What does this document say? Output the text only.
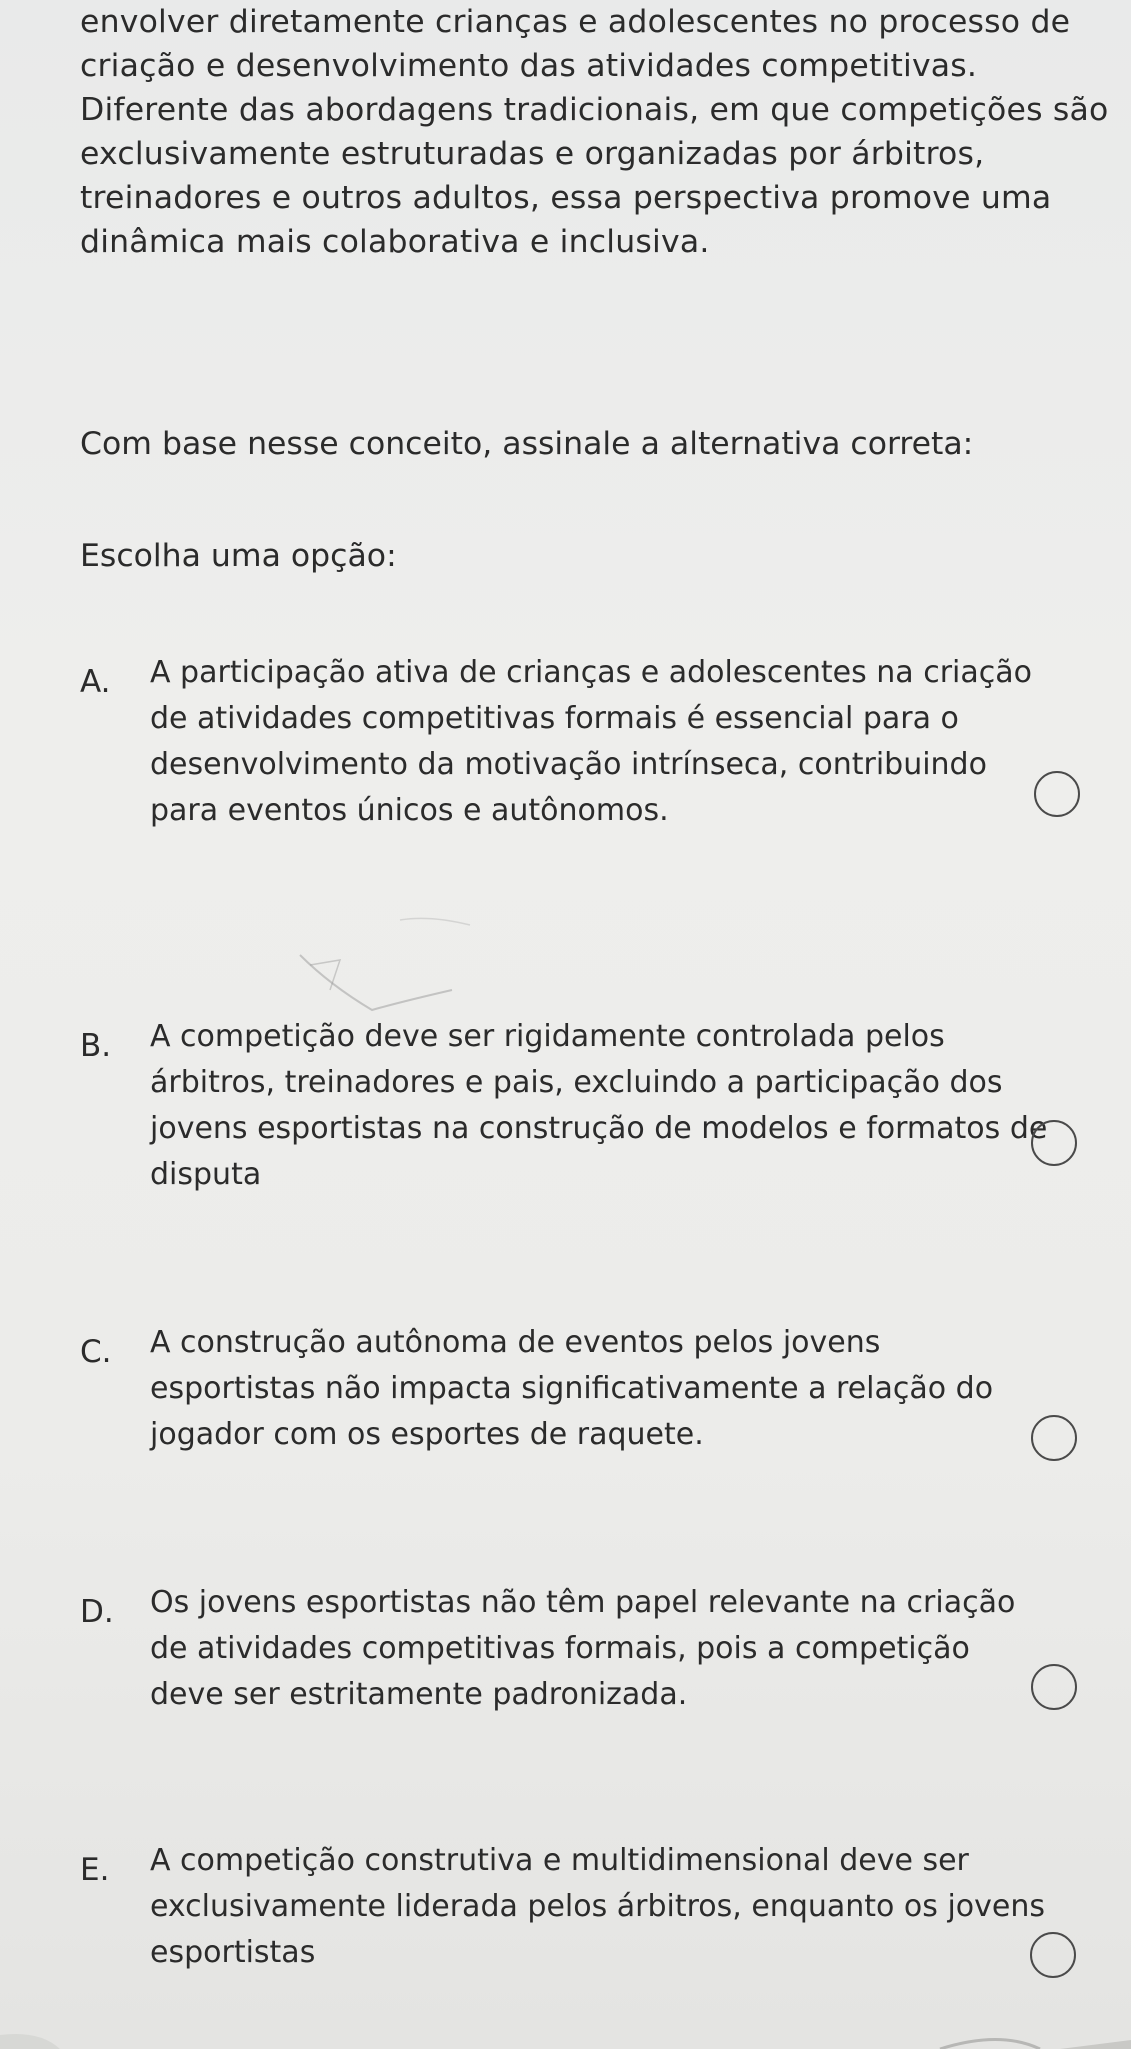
envolver diretamente crianças e adolescentes no processo de criação e desenvolvimento das atividades competitivas. Diferente das abordagens tradicionais, em que competições são exclusivamente estruturadas e organizadas por árbitros, treinadores e outros adultos, essa perspectiva promove uma dinâmica mais colaborativa e inclusiva.

Com base nesse conceito, assinale a alternativa correta:
Escolha uma opção:
A. A participação ativa de crianças e adolescentes na criação de atividades competitivas formais é essencial para o desenvolvimento da motivação intrínseca, contribuindo para eventos únicos e autônomos.
B. A competição deve ser rigidamente controlada pelos árbitros, treinadores e pais, excluindo a participação dos jovens esportistas na construção de modelos e formatos de disputa
C. A construção autônoma de eventos pelos jovens esportistas não impacta significativamente a relação do jogador com os esportes de raquete.
D. Os jovens esportistas não têm papel relevante na criação de atividades competitivas formais, pois a competição deve ser estritamente padronizada.
E. A competição construtiva e multidimensional deve ser exclusivamente liderada pelos árbitros, enquanto os jovens esportistas
